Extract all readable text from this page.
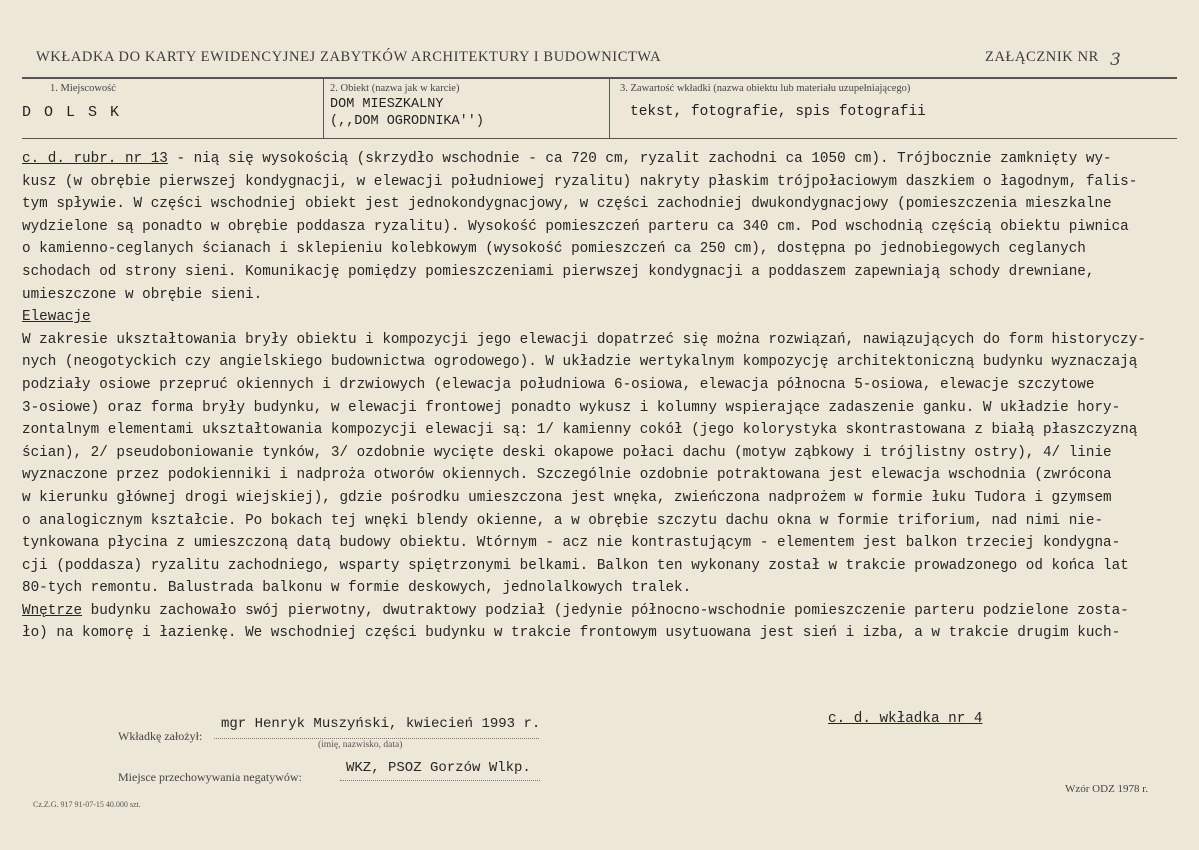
WKŁADKA DO KARTY EWIDENCYJNEJ ZABYTKÓW ARCHITEKTURY I BUDOWNICTWA	ZAŁĄCZNIK NR 3
1. Miejscowość
D O L S K
2. Obiekt (nazwa jak w karcie)
DOM MIESZKALNY
(,,DOM OGRODNIKA'')
3. Zawartość wkładki (nazwa obiektu lub materiału uzupełniającego)
tekst, fotografie, spis fotografii

c. d. rubr. nr 13 - nią się wysokością (skrzydło wschodnie - ca 720 cm, ryzalit zachodni ca 1050 cm). Trójbocznie zamknięty wy-

kusz (w obrębie pierwszej kondygnacji, w elewacji południowej ryzalitu) nakryty płaskim trójpołaciowym daszkiem o łagodnym, falis-

tym spływie. W części wschodniej obiekt jest jednokondygnacjowy, w części zachodniej dwukondygnacjowy (pomieszczenia mieszkalne

wydzielone są ponadto w obrębie poddasza ryzalitu). Wysokość pomieszczeń parteru ca 340 cm. Pod wschodnią częścią obiektu piwnica

o kamienno-ceglanych ścianach i sklepieniu kolebkowym (wysokość pomieszczeń ca 250 cm), dostępna po jednobiegowych ceglanych

schodach od strony sieni. Komunikację pomiędzy pomieszczeniami pierwszej kondygnacji a poddaszem zapewniają schody drewniane,

umieszczone w obrębie sieni.

Elewacje

W zakresie ukształtowania bryły obiektu i kompozycji jego elewacji dopatrzeć się można rozwiązań, nawiązujących do form historyczy-

nych (neogotyckich czy angielskiego budownictwa ogrodowego). W układzie wertykalnym kompozycję architektoniczną budynku wyznaczają

podziały osiowe przepruć okiennych i drzwiowych (elewacja południowa 6-osiowa, elewacja północna 5-osiowa, elewacje szczytowe

3-osiowe) oraz forma bryły budynku, w elewacji frontowej ponadto wykusz i kolumny wspierające zadaszenie ganku. W układzie hory-

zontalnym elementami ukształtowania kompozycji elewacji są: 1/ kamienny cokół (jego kolorystyka skontrastowana z białą płaszczyzną

ścian), 2/ pseudoboniowanie tynków, 3/ ozdobnie wycięte deski okapowe połaci dachu (motyw ząbkowy i trójlistny ostry), 4/ linie

wyznaczone przez podokienniki i nadproża otworów okiennych. Szczególnie ozdobnie potraktowana jest elewacja wschodnia (zwrócona

w kierunku głównej drogi wiejskiej), gdzie pośrodku umieszczona jest wnęka, zwieńczona nadprożem w formie łuku Tudora i gzymsem

o analogicznym kształcie. Po bokach tej wnęki blendy okienne, a w obrębie szczytu dachu okna w formie triforium, nad nimi nie-

tynkowana płycina z umieszczoną datą budowy obiektu. Wtórnym - acz nie kontrastującym - elementem jest balkon trzeciej kondygna-

cji (poddasza) ryzalitu zachodniego, wsparty spiętrzonymi belkami. Balkon ten wykonany został w trakcie prowadzonego od końca lat

80-tych remontu. Balustrada balkonu w formie deskowych, jednolalkowych tralek.

Wnętrze budynku zachowało swój pierwotny, dwutraktowy podział (jedynie północno-wschodnie pomieszczenie parteru podzielone zosta-

ło) na komorę i łazienkę. We wschodniej części budynku w trakcie frontowym usytuowana jest sień i izba, a w trakcie drugim kuch-

c. d. wkładka nr 4
Wkładkę założył:
mgr Henryk Muszyński, kwiecień 1993 r.
(imię, nazwisko, data)
Miejsce przechowywania negatywów:
WKZ, PSOZ Gorzów Wlkp.
Wzór ODZ 1978 r.
Cz.Z.G. 917 91-07-15 40.000 szt.
